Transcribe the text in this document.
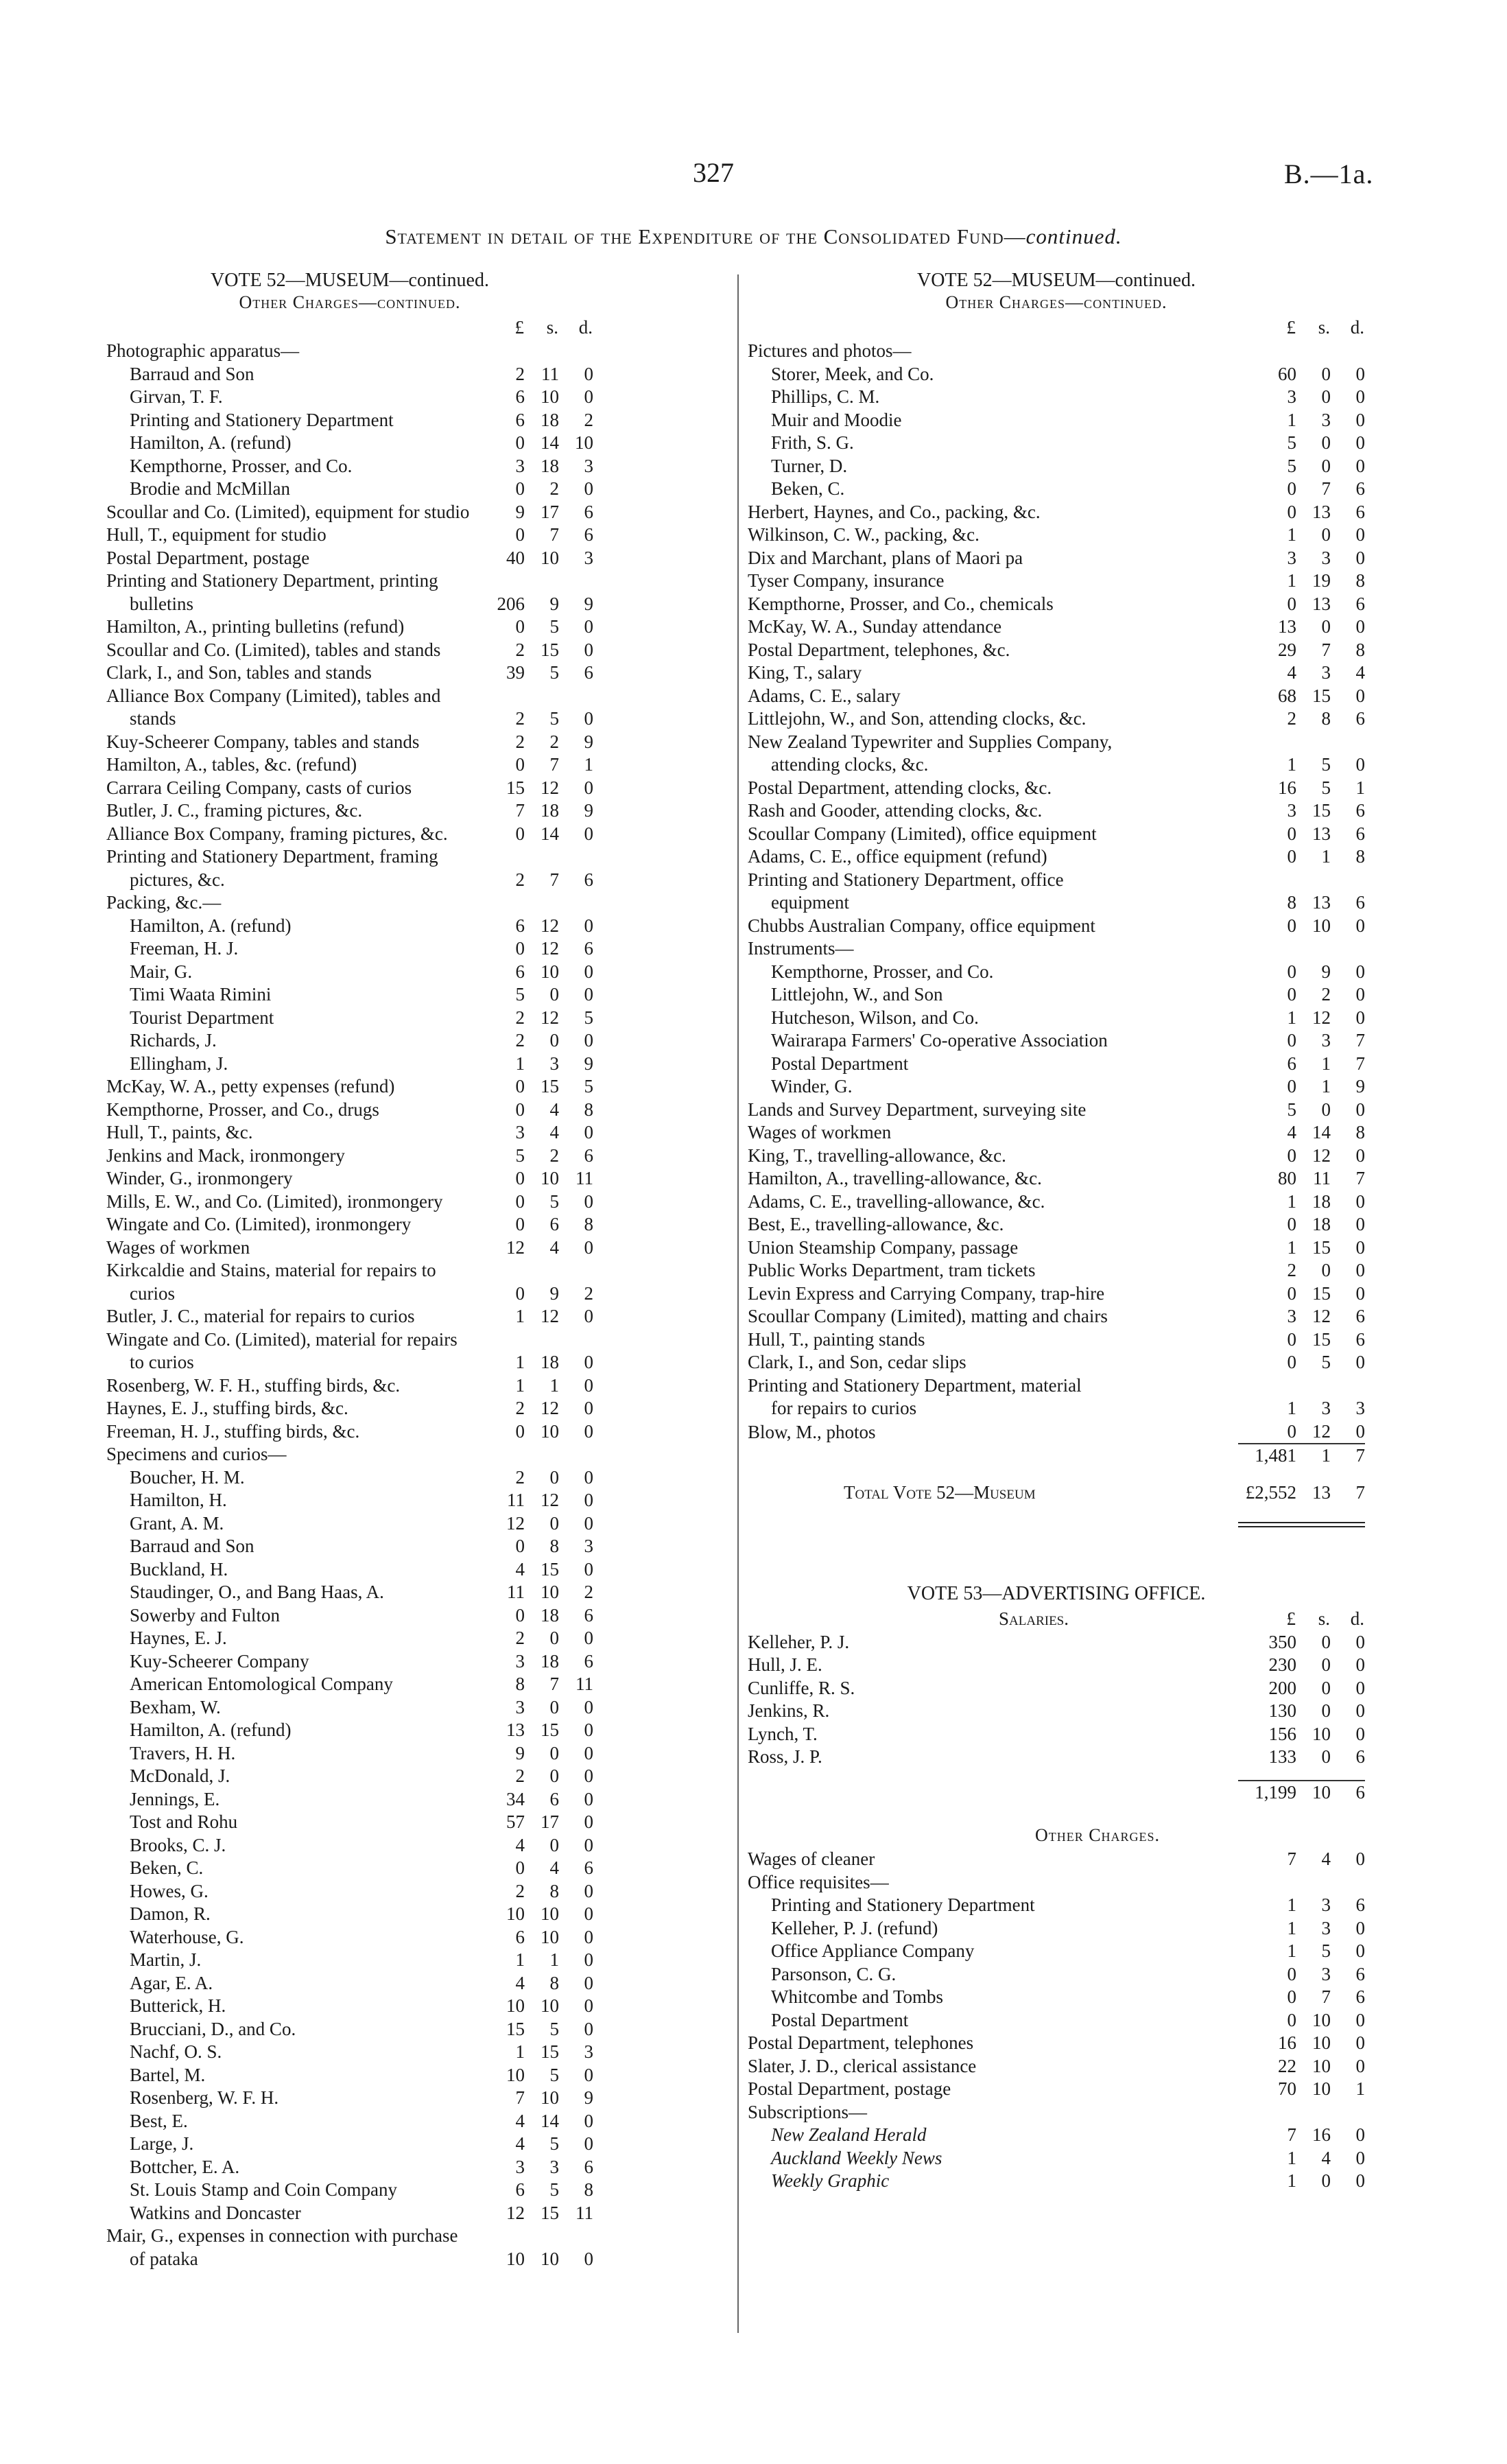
327	B.—1a.
Statement in detail of the Expenditure of the Consolidated Fund—continued.
VOTE 52—MUSEUM—continued.
Other Charges—continued.
	£	s.	d.
Photographic apparatus—			
Barraud and Son	2	11	0
Girvan, T. F.	6	10	0
Printing and Stationery Department	6	18	2
Hamilton, A. (refund)	0	14	10
Kempthorne, Prosser, and Co.	3	18	3
Brodie and McMillan	0	2	0
Scoullar and Co. (Limited), equipment for studio	9	17	6
Hull, T., equipment for studio	0	7	6
Postal Department, postage	40	10	3
Printing and Stationery Department, printing			
bulletins	206	9	9
Hamilton, A., printing bulletins (refund)	0	5	0
Scoullar and Co. (Limited), tables and stands	2	15	0
Clark, I., and Son, tables and stands	39	5	6
Alliance Box Company (Limited), tables and			
stands	2	5	0
Kuy-Scheerer Company, tables and stands	2	2	9
Hamilton, A., tables, &c. (refund)	0	7	1
Carrara Ceiling Company, casts of curios	15	12	0
Butler, J. C., framing pictures, &c.	7	18	9
Alliance Box Company, framing pictures, &c.	0	14	0
Printing and Stationery Department, framing			
pictures, &c.	2	7	6
Packing, &c.—			
Hamilton, A. (refund)	6	12	0
Freeman, H. J.	0	12	6
Mair, G.	6	10	0
Timi Waata Rimini	5	0	0
Tourist Department	2	12	5
Richards, J.	2	0	0
Ellingham, J.	1	3	9
McKay, W. A., petty expenses (refund)	0	15	5
Kempthorne, Prosser, and Co., drugs	0	4	8
Hull, T., paints, &c.	3	4	0
Jenkins and Mack, ironmongery	5	2	6
Winder, G., ironmongery	0	10	11
Mills, E. W., and Co. (Limited), ironmongery	0	5	0
Wingate and Co. (Limited), ironmongery	0	6	8
Wages of workmen	12	4	0
Kirkcaldie and Stains, material for repairs to			
curios	0	9	2
Butler, J. C., material for repairs to curios	1	12	0
Wingate and Co. (Limited), material for repairs			
to curios	1	18	0
Rosenberg, W. F. H., stuffing birds, &c.	1	1	0
Haynes, E. J., stuffing birds, &c.	2	12	0
Freeman, H. J., stuffing birds, &c.	0	10	0
Specimens and curios—			
Boucher, H. M.	2	0	0
Hamilton, H.	11	12	0
Grant, A. M.	12	0	0
Barraud and Son	0	8	3
Buckland, H.	4	15	0
Staudinger, O., and Bang Haas, A.	11	10	2
Sowerby and Fulton	0	18	6
Haynes, E. J.	2	0	0
Kuy-Scheerer Company	3	18	6
American Entomological Company	8	7	11
Bexham, W.	3	0	0
Hamilton, A. (refund)	13	15	0
Travers, H. H.	9	0	0
McDonald, J.	2	0	0
Jennings, E.	34	6	0
Tost and Rohu	57	17	0
Brooks, C. J.	4	0	0
Beken, C.	0	4	6
Howes, G.	2	8	0
Damon, R.	10	10	0
Waterhouse, G.	6	10	0
Martin, J.	1	1	0
Agar, E. A.	4	8	0
Butterick, H.	10	10	0
Brucciani, D., and Co.	15	5	0
Nachf, O. S.	1	15	3
Bartel, M.	10	5	0
Rosenberg, W. F. H.	7	10	9
Best, E.	4	14	0
Large, J.	4	5	0
Bottcher, E. A.	3	3	6
St. Louis Stamp and Coin Company	6	5	8
Watkins and Doncaster	12	15	11
Mair, G., expenses in connection with purchase			
of pataka	10	10	0
VOTE 52—MUSEUM—continued.
Other Charges—continued.
	£	s.	d.
Pictures and photos—			
Storer, Meek, and Co.	60	0	0
Phillips, C. M.	3	0	0
Muir and Moodie	1	3	0
Frith, S. G.	5	0	0
Turner, D.	5	0	0
Beken, C.	0	7	6
Herbert, Haynes, and Co., packing, &c.	0	13	6
Wilkinson, C. W., packing, &c.	1	0	0
Dix and Marchant, plans of Maori pa	3	3	0
Tyser Company, insurance	1	19	8
Kempthorne, Prosser, and Co., chemicals	0	13	6
McKay, W. A., Sunday attendance	13	0	0
Postal Department, telephones, &c.	29	7	8
King, T., salary	4	3	4
Adams, C. E., salary	68	15	0
Littlejohn, W., and Son, attending clocks, &c.	2	8	6
New Zealand Typewriter and Supplies Company,			
attending clocks, &c.	1	5	0
Postal Department, attending clocks, &c.	16	5	1
Rash and Gooder, attending clocks, &c.	3	15	6
Scoullar Company (Limited), office equipment	0	13	6
Adams, C. E., office equipment (refund)	0	1	8
Printing and Stationery Department, office			
equipment	8	13	6
Chubbs Australian Company, office equipment	0	10	0
Instruments—			
Kempthorne, Prosser, and Co.	0	9	0
Littlejohn, W., and Son	0	2	0
Hutcheson, Wilson, and Co.	1	12	0
Wairarapa Farmers' Co-operative Association	0	3	7
Postal Department	6	1	7
Winder, G.	0	1	9
Lands and Survey Department, surveying site	5	0	0
Wages of workmen	4	14	8
King, T., travelling-allowance, &c.	0	12	0
Hamilton, A., travelling-allowance, &c.	80	11	7
Adams, C. E., travelling-allowance, &c.	1	18	0
Best, E., travelling-allowance, &c.	0	18	0
Union Steamship Company, passage	1	15	0
Public Works Department, tram tickets	2	0	0
Levin Express and Carrying Company, trap-hire	0	15	0
Scoullar Company (Limited), matting and chairs	3	12	6
Hull, T., painting stands	0	15	6
Clark, I., and Son, cedar slips	0	5	0
Printing and Stationery Department, material			
for repairs to curios	1	3	3
Blow, M., photos	0	12	0
	1,481	1	7

Total Vote 52—Museum	£2,552	13	7

VOTE 53—ADVERTISING OFFICE.
Salaries.	£	s.	d.
Kelleher, P. J.	350	0	0
Hull, J. E.	230	0	0
Cunliffe, R. S.	200	0	0
Jenkins, R.	130	0	0
Lynch, T.	156	10	0
Ross, J. P.	133	0	6

	1,199	10	6
Other Charges.
Wages of cleaner	7	4	0
Office requisites—			
Printing and Stationery Department	1	3	6
Kelleher, P. J. (refund)	1	3	0
Office Appliance Company	1	5	0
Parsonson, C. G.	0	3	6
Whitcombe and Tombs	0	7	6
Postal Department	0	10	0
Postal Department, telephones	16	10	0
Slater, J. D., clerical assistance	22	10	0
Postal Department, postage	70	10	1
Subscriptions—			
New Zealand Herald	7	16	0
Auckland Weekly News	1	4	0
Weekly Graphic	1	0	0
